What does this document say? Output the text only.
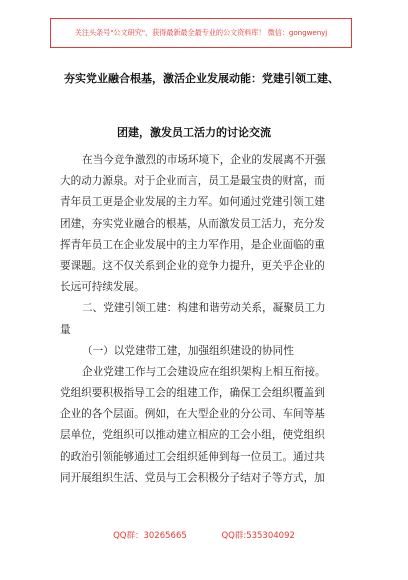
关注头条号"公文研究"，获得最新最全最专业的公文资料库！ 微信：gongwenyj
夯实党业融合根基，激活企业发展动能：党建引领工建、
团建，激发员工活力的讨论交流
在当今竞争激烈的市场环境下，企业的发展离不开强
大的动力源泉。对于企业而言，员工是最宝贵的财富，而
青年员工更是企业发展的主力军。如何通过党建引领工建
团建，夯实党业融合的根基，从而激发员工活力，充分发
挥青年员工在企业发展中的主力军作用，是企业面临的重
要课题。这不仅关系到企业的竞争力提升，更关乎企业的
长远可持续发展。
二、党建引领工建：构建和谐劳动关系，凝聚员工力
量
（一）以党建带工建，加强组织建设的协同性
企业党建工作与工会建设应在组织架构上相互衔接。
党组织要积极指导工会的组建工作，确保工会组织覆盖到
企业的各个层面。例如，在大型企业的分公司、车间等基
层单位，党组织可以推动建立相应的工会小组，使党组织
的政治引领能够通过工会组织延伸到每一位员工。通过共
同开展组织生活、党员与工会积极分子结对子等方式，加
QQ群：30265665	QQ群:535304092
